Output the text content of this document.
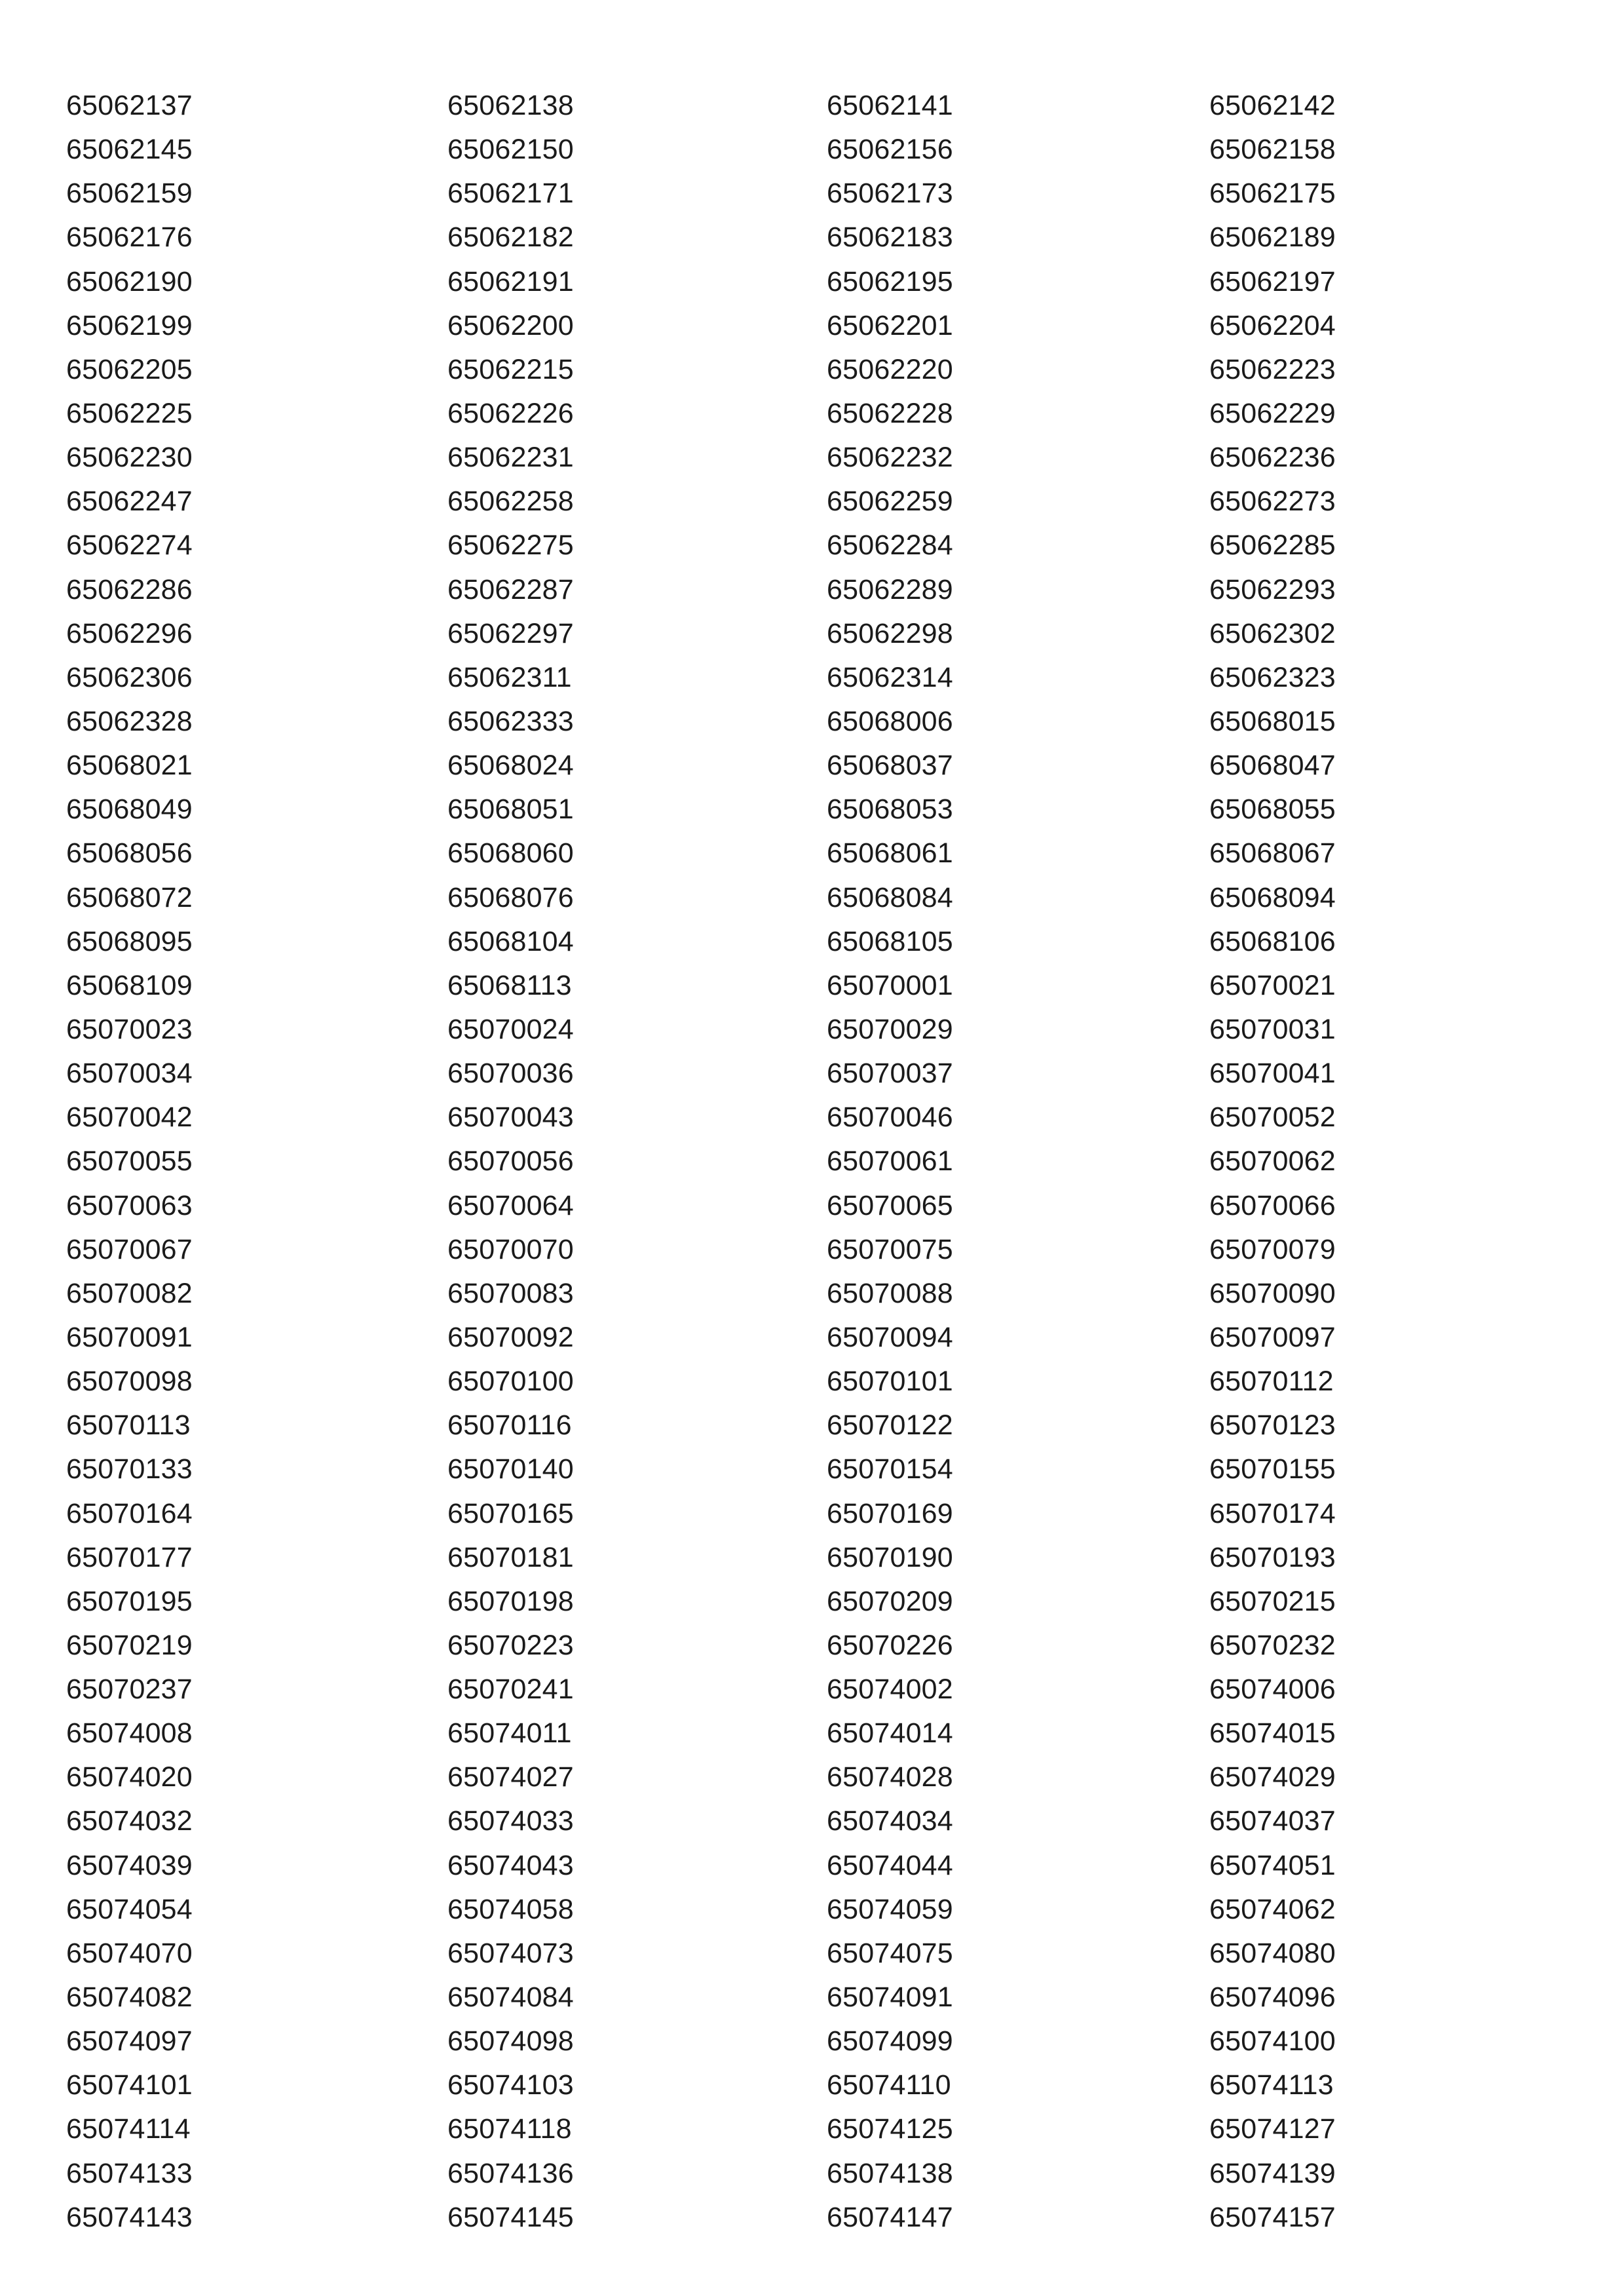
65062137	65062138	65062141	65062142
65062145	65062150	65062156	65062158
65062159	65062171	65062173	65062175
65062176	65062182	65062183	65062189
65062190	65062191	65062195	65062197
65062199	65062200	65062201	65062204
65062205	65062215	65062220	65062223
65062225	65062226	65062228	65062229
65062230	65062231	65062232	65062236
65062247	65062258	65062259	65062273
65062274	65062275	65062284	65062285
65062286	65062287	65062289	65062293
65062296	65062297	65062298	65062302
65062306	65062311	65062314	65062323
65062328	65062333	65068006	65068015
65068021	65068024	65068037	65068047
65068049	65068051	65068053	65068055
65068056	65068060	65068061	65068067
65068072	65068076	65068084	65068094
65068095	65068104	65068105	65068106
65068109	65068113	65070001	65070021
65070023	65070024	65070029	65070031
65070034	65070036	65070037	65070041
65070042	65070043	65070046	65070052
65070055	65070056	65070061	65070062
65070063	65070064	65070065	65070066
65070067	65070070	65070075	65070079
65070082	65070083	65070088	65070090
65070091	65070092	65070094	65070097
65070098	65070100	65070101	65070112
65070113	65070116	65070122	65070123
65070133	65070140	65070154	65070155
65070164	65070165	65070169	65070174
65070177	65070181	65070190	65070193
65070195	65070198	65070209	65070215
65070219	65070223	65070226	65070232
65070237	65070241	65074002	65074006
65074008	65074011	65074014	65074015
65074020	65074027	65074028	65074029
65074032	65074033	65074034	65074037
65074039	65074043	65074044	65074051
65074054	65074058	65074059	65074062
65074070	65074073	65074075	65074080
65074082	65074084	65074091	65074096
65074097	65074098	65074099	65074100
65074101	65074103	65074110	65074113
65074114	65074118	65074125	65074127
65074133	65074136	65074138	65074139
65074143	65074145	65074147	65074157
